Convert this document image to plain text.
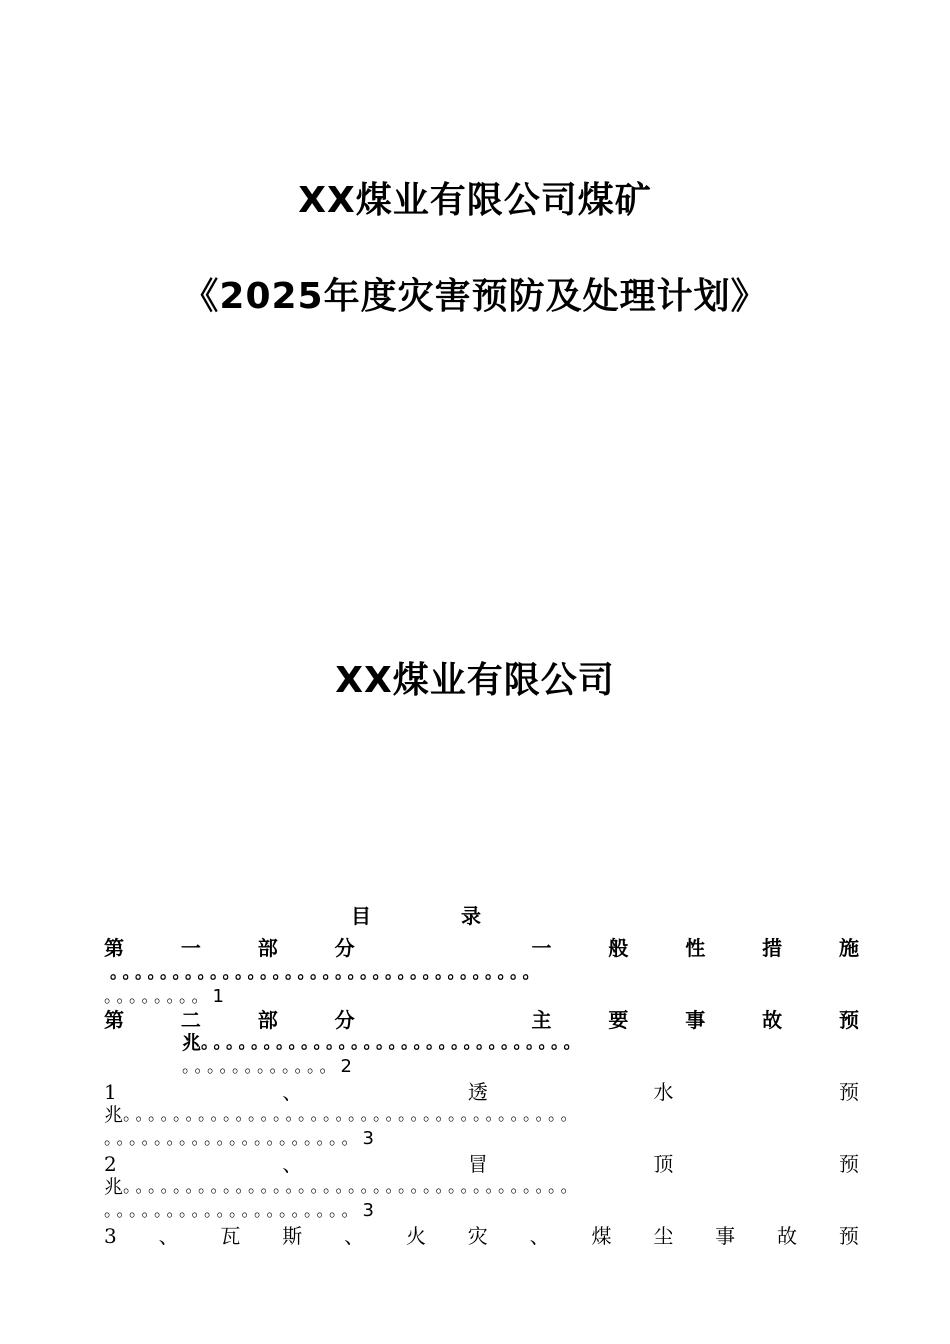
XX煤业有限公司煤矿
《2025年度灾害预防及处理计划》
XX煤业有限公司
目录
第	一	部	分	一	般	性	措	施
。。。。。。。。。。。。。。。。。。。。。。。。。。。。。。。。。。
。。。。。。。。 1
第	二	部	分	主	要	事	故	预
兆 。。。。。。。。。。。。。。。。。。。。。。。。。。。。。。
。。。。。。。。。。。。 2
1	、	透	水	预
兆 。。。。。。。。。。。。。。。。。。。。。。。。。。。。。。。。。。。。
。。。。。。。。。。。。。。。。。。。。 3
2	、	冒	顶	预
兆 。。。。。。。。。。。。。。。。。。。。。。。。。。。。。。。。。。。。
。。。。。。。。。。。。。。。。。。。。 3
3 、 瓦 斯 、 火 灾 、 煤 尘 事 故 预
